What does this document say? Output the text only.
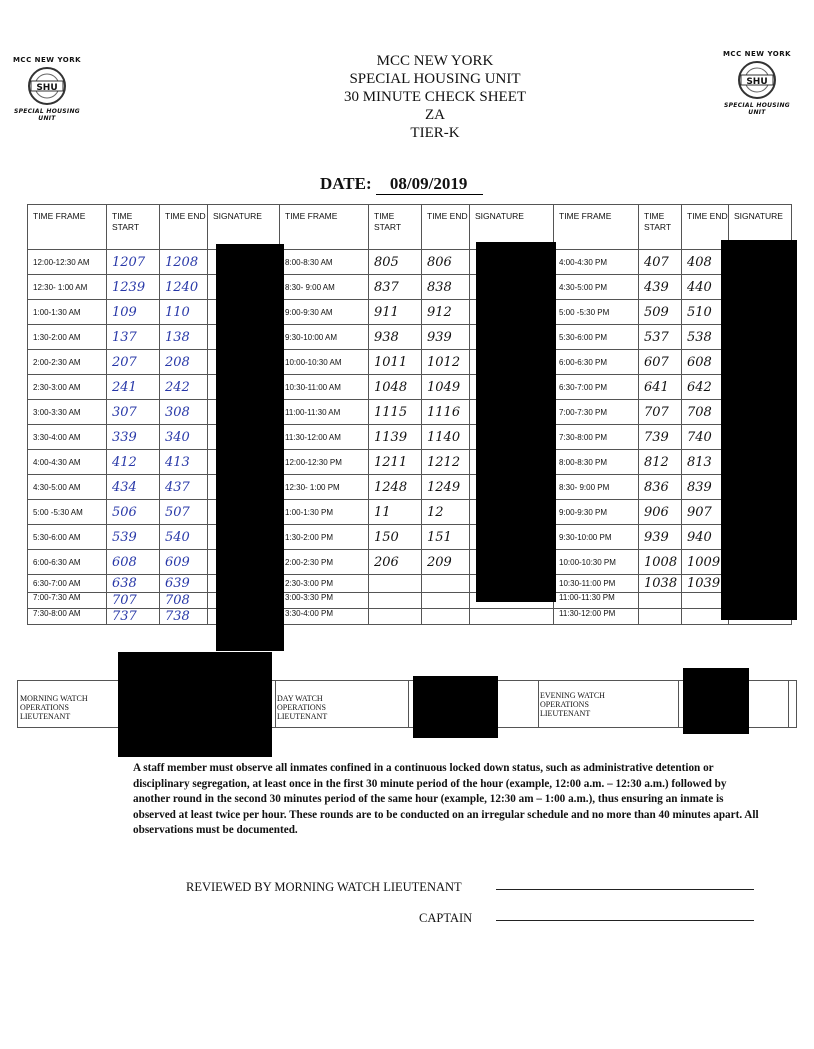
MCC NEW YORK
SHU
SPECIAL HOUSING UNIT
MCC NEW YORK
SHU
SPECIAL HOUSING UNIT
MCC NEW YORK
SPECIAL HOUSING UNIT
30 MINUTE CHECK SHEET
ZA
TIER-K
DATE: 08/09/2019
TIME FRAME	TIME START	TIME END	SIGNATURE	TIME FRAME	TIME START	TIME END	SIGNATURE	TIME FRAME	TIME START	TIME END	SIGNATURE
12:00-12:30 AM	1207	1208		8:00-8:30 AM	805	806		4:00-4:30 PM	407	408	
12:30- 1:00 AM	1239	1240		8:30- 9:00 AM	837	838		4:30-5:00 PM	439	440	
1:00-1:30 AM	109	110		9:00-9:30 AM	911	912		5:00 -5:30 PM	509	510	
1:30-2:00 AM	137	138		9:30-10:00 AM	938	939		5:30-6:00 PM	537	538	
2:00-2:30 AM	207	208		10:00-10:30 AM	1011	1012		6:00-6:30 PM	607	608	
2:30-3:00 AM	241	242		10:30-11:00 AM	1048	1049		6:30-7:00 PM	641	642	
3:00-3:30 AM	307	308		11:00-11:30 AM	1115	1116		7:00-7:30 PM	707	708	
3:30-4:00 AM	339	340		11:30-12:00 AM	1139	1140		7:30-8:00 PM	739	740	
4:00-4:30 AM	412	413		12:00-12:30 PM	1211	1212		8:00-8:30 PM	812	813	
4:30-5:00 AM	434	437		12:30- 1:00 PM	1248	1249		8:30- 9:00 PM	836	839	
5:00 -5:30 AM	506	507		1:00-1:30 PM	11	12		9:00-9:30 PM	906	907	
5:30-6:00 AM	539	540		1:30-2:00 PM	150	151		9:30-10:00 PM	939	940	
6:00-6:30 AM	608	609		2:00-2:30 PM	206	209		10:00-10:30 PM	1008	1009	
6:30-7:00 AM	638	639		2:30-3:00 PM				10:30-11:00 PM	1038	1039	
7:00-7:30 AM	707	708		3:00-3:30 PM				11:00-11:30 PM			
7:30-8:00 AM	737	738		3:30-4:00 PM				11:30-12:00 PM			
MORNING WATCH
OPERATIONS
LIEUTENANT
DAY WATCH
OPERATIONS
LIEUTENANT
EVENING WATCH
OPERATIONS
LIEUTENANT
A staff member must observe all inmates confined in a continuous locked down status, such as administrative detention or disciplinary segregation, at least once in the first 30 minute period of the hour (example, 12:00 a.m. – 12:30 a.m.) followed by another round in the second 30 minutes period of the same hour (example, 12:30 am – 1:00 a.m.), thus ensuring an inmate is observed at least twice per hour. These rounds are to be conducted on an irregular schedule and no more than 40 minutes apart. All observations must be documented.
REVIEWED BY MORNING WATCH LIEUTENANT
CAPTAIN
